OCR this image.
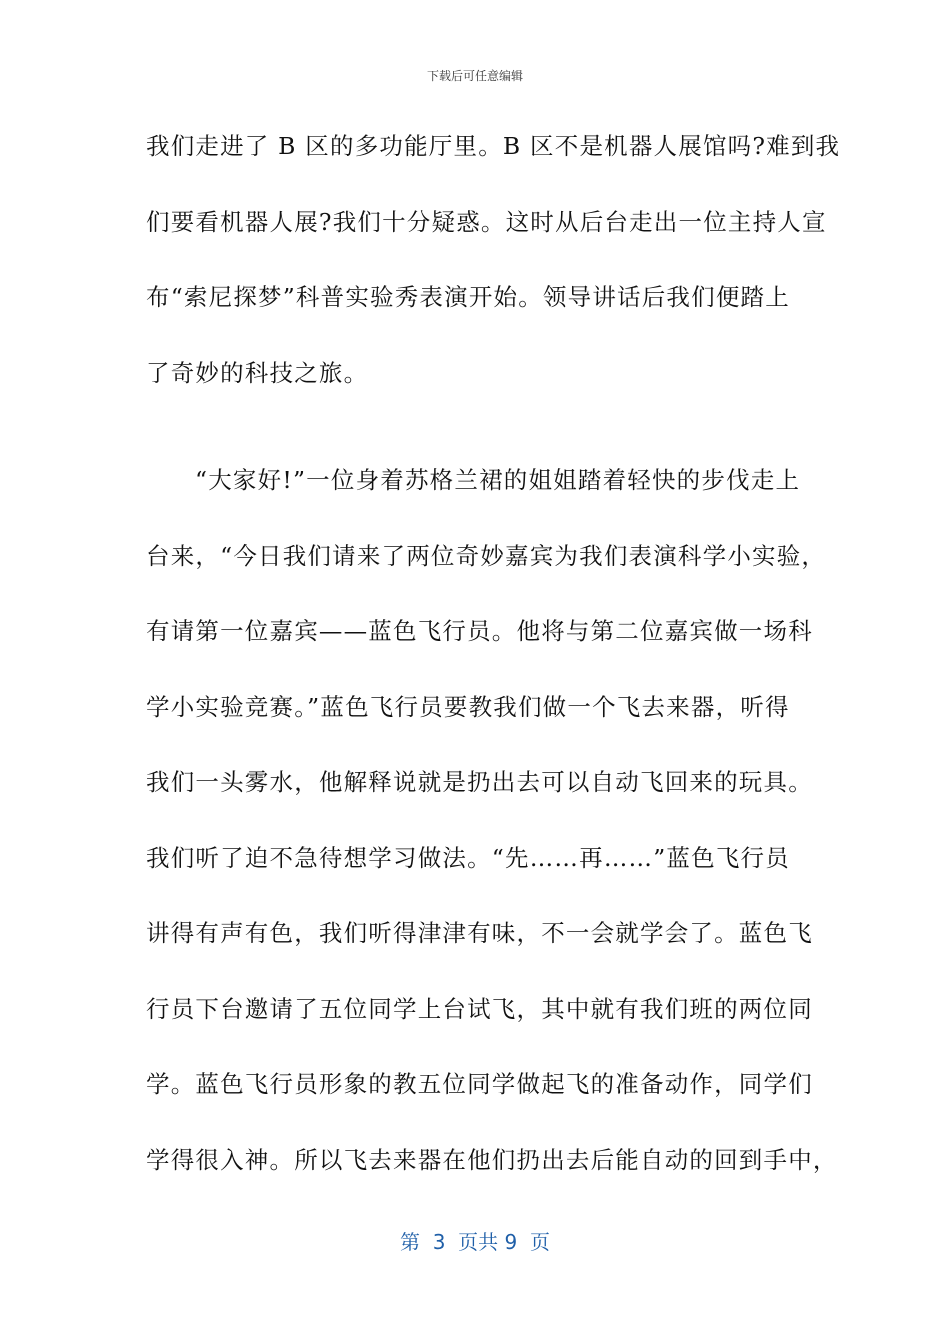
下载后可任意编辑
我们走进了 B 区的多功能厅里。B 区不是机器人展馆吗?难到我
们要看机器人展?我们十分疑惑。这时从后台走出一位主持人宣
布“索尼探梦”科普实验秀表演开始。领导讲话后我们便踏上
了奇妙的科技之旅。
“大家好!”一位身着苏格兰裙的姐姐踏着轻快的步伐走上
台来，“今日我们请来了两位奇妙嘉宾为我们表演科学小实验，
有请第一位嘉宾——蓝色飞行员。他将与第二位嘉宾做一场科
学小实验竞赛。”蓝色飞行员要教我们做一个飞去来器，听得
我们一头雾水，他解释说就是扔出去可以自动飞回来的玩具。
我们听了迫不急待想学习做法。“先……再……”蓝色飞行员
讲得有声有色，我们听得津津有味，不一会就学会了。蓝色飞
行员下台邀请了五位同学上台试飞，其中就有我们班的两位同
学。蓝色飞行员形象的教五位同学做起飞的准备动作，同学们
学得很入神。所以飞去来器在他们扔出去后能自动的回到手中，
第  3  页共 9  页
